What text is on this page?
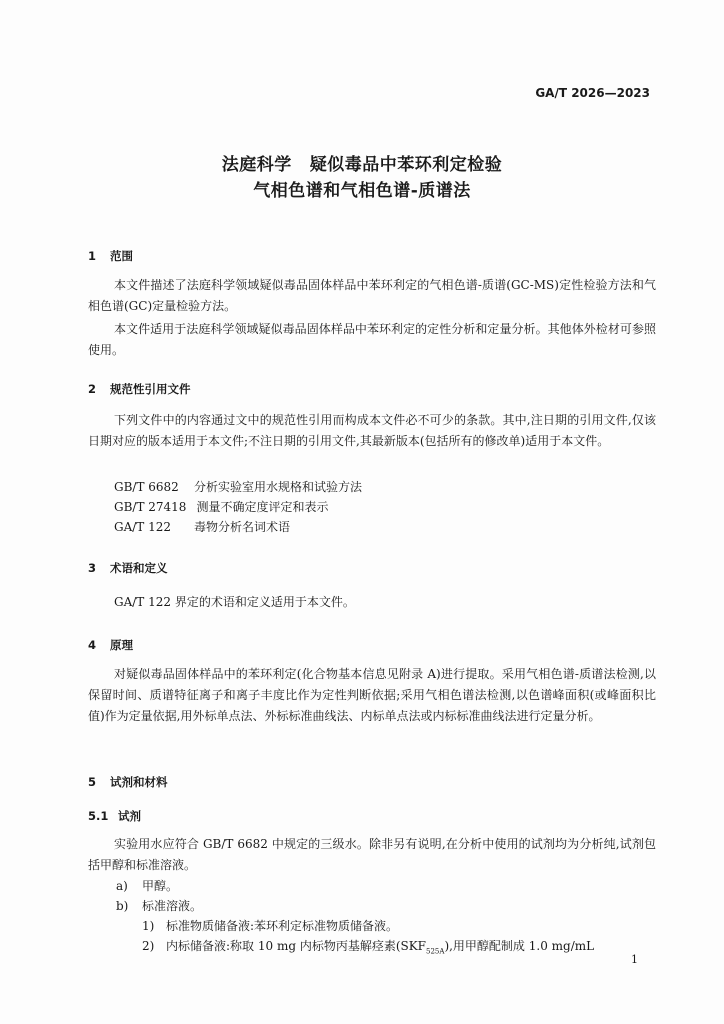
GA/T 2026—2023
法庭科学 疑似毒品中苯环利定检验
气相色谱和气相色谱-质谱法
1 范围
本文件描述了法庭科学领域疑似毒品固体样品中苯环利定的气相色谱-质谱(GC-MS)定性检验方法和气相色谱(GC)定量检验方法。
本文件适用于法庭科学领域疑似毒品固体样品中苯环利定的定性分析和定量分析。其他体外检材可参照使用。
2 规范性引用文件
下列文件中的内容通过文中的规范性引用而构成本文件必不可少的条款。其中,注日期的引用文件,仅该日期对应的版本适用于本文件;不注日期的引用文件,其最新版本(包括所有的修改单)适用于本文件。
GB/T 6682 分析实验室用水规格和试验方法
GB/T 27418 测量不确定度评定和表示
GA/T 122 毒物分析名词术语
3 术语和定义
GA/T 122 界定的术语和定义适用于本文件。
4 原理
对疑似毒品固体样品中的苯环利定(化合物基本信息见附录 A)进行提取。采用气相色谱-质谱法检测,以保留时间、质谱特征离子和离子丰度比作为定性判断依据;采用气相色谱法检测,以色谱峰面积(或峰面积比值)作为定量依据,用外标单点法、外标标准曲线法、内标单点法或内标标准曲线法进行定量分析。
5 试剂和材料
5.1 试剂
实验用水应符合 GB/T 6682 中规定的三级水。除非另有说明,在分析中使用的试剂均为分析纯,试剂包括甲醇和标准溶液。
a) 甲醇。
b) 标准溶液。
1) 标准物质储备液:苯环利定标准物质储备液。
2) 内标储备液:称取 10 mg 内标物丙基解痉素$(SKF_{525A})$,用甲醇配制成 1.0 mg/mL
1
